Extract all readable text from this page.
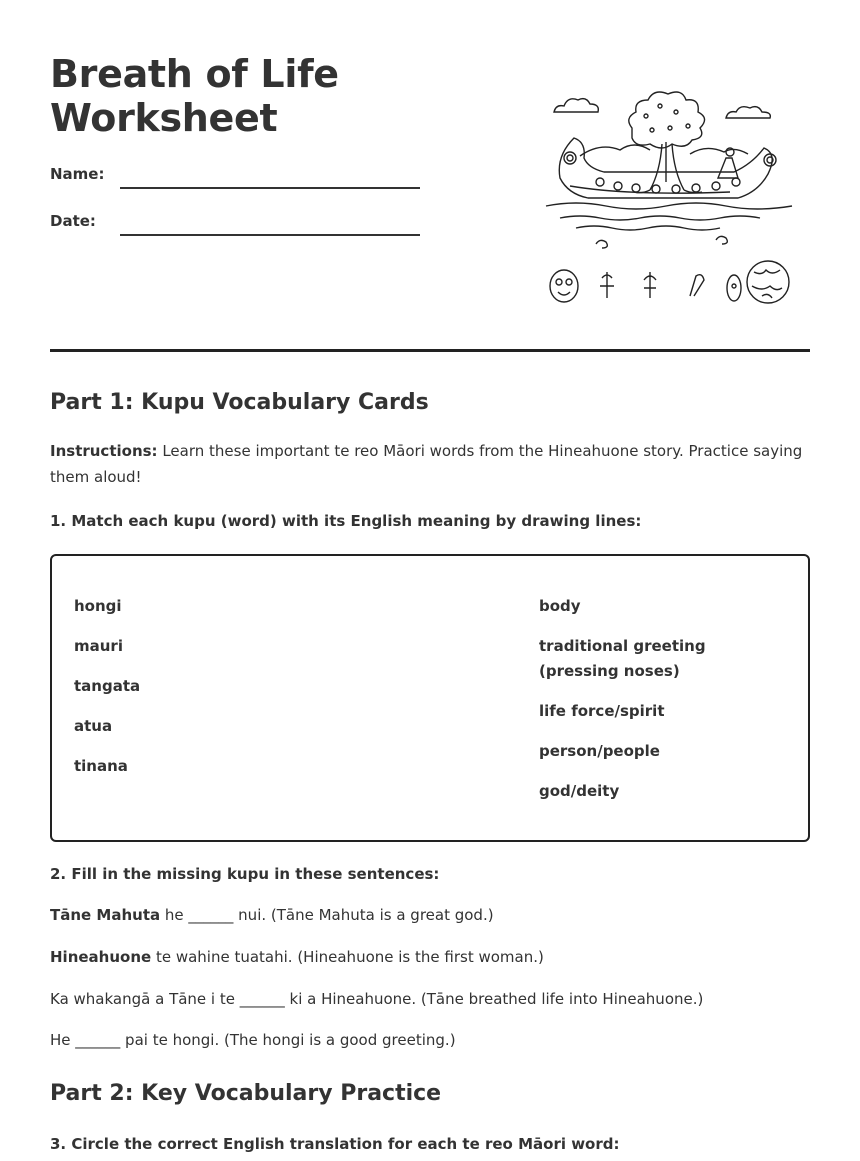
Breath of Life
Worksheet
Name:
Date:
Part 1: Kupu Vocabulary Cards
Instructions: Learn these important te reo Māori words from the Hineahuone story. Practice saying them aloud!
1. Match each kupu (word) with its English meaning by drawing lines:
hongi
mauri
tangata
atua
tinana
body
traditional greeting (pressing noses)
life force/spirit
person/people
god/deity
2. Fill in the missing kupu in these sentences:
Tāne Mahuta he ______ nui. (Tāne Mahuta is a great god.)
Hineahuone te wahine tuatahi. (Hineahuone is the first woman.)
Ka whakangā a Tāne i te ______ ki a Hineahuone. (Tāne breathed life into Hineahuone.)
He ______ pai te hongi. (The hongi is a good greeting.)
Part 2: Key Vocabulary Practice
3. Circle the correct English translation for each te reo Māori word:
